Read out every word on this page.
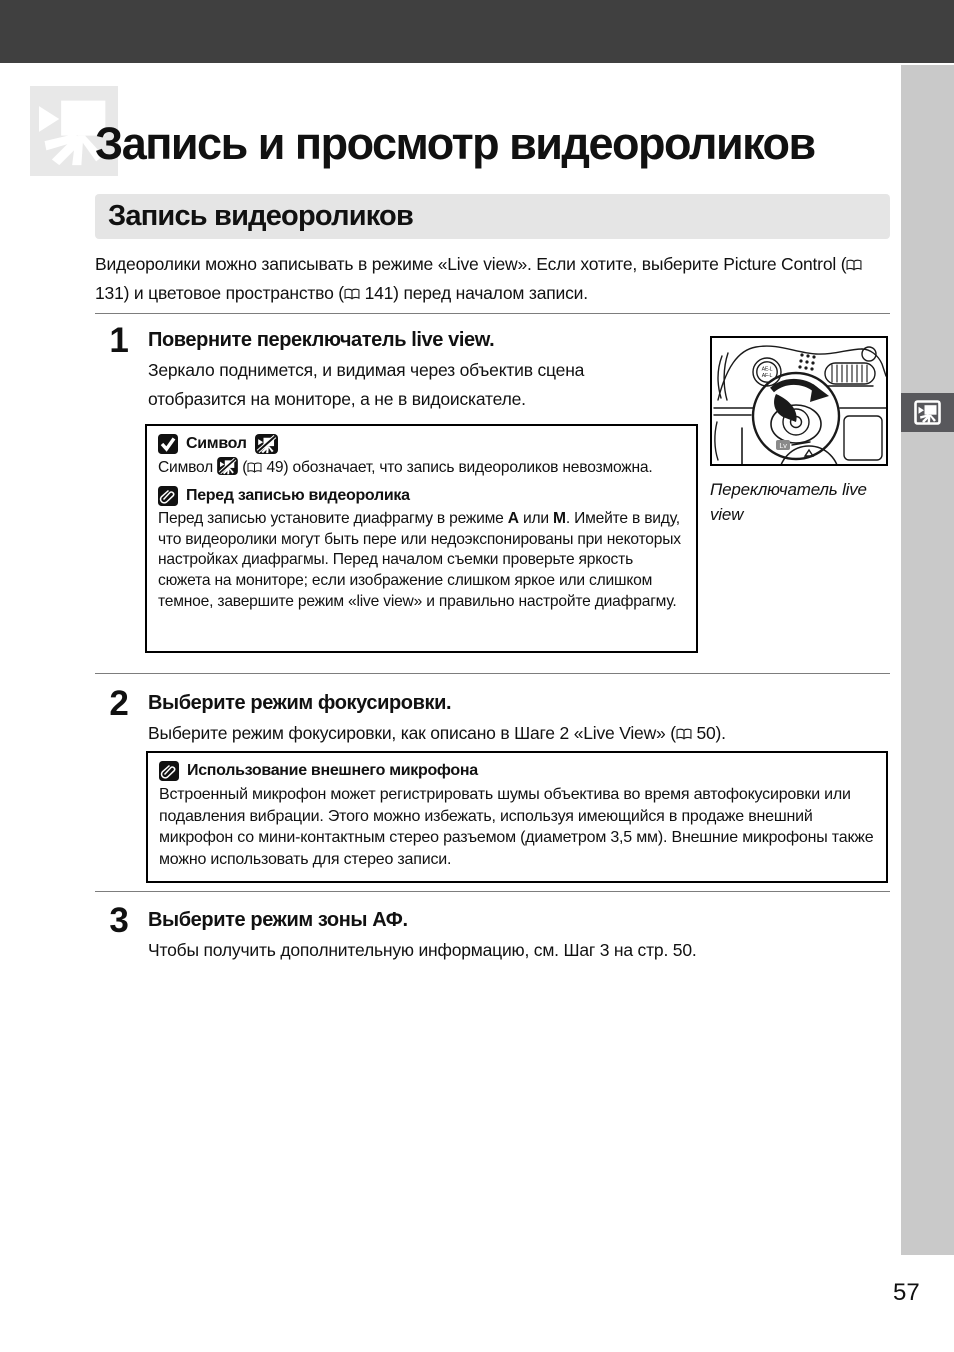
Запись и просмотр видеороликов
Запись видеороликов

Видеоролики можно записывать в режиме «Live view». Если хотите, выберите Picture Control ( 131) и цветовое пространство ( 141) перед началом записи.

1 Поверните переключатель live view.

Зеркало поднимется, и видимая через объектив сцена отобразится на мониторе, а не в видоискателе.

Символ

Символ  ( 49) обозначает, что запись видеороликов невозможна.

Перед записью видеоролика

Перед записью установите диафрагму в режиме A или M. Имейте в виду, что видеоролики могут быть пере или недоэкспонированы при некоторых настройках диафрагмы. Перед началом съемки проверьте яркость сюжета на мониторе; если изображение слишком яркое или слишком темное, завершите режим «live view» и правильно настройте диафрагму.

AE-L
AF-L
Lv
Переключатель live view
2 Выберите режим фокусировки.

Выберите режим фокусировки, как описано в Шаге 2 «Live View» ( 50).

Использование внешнего микрофона

Встроенный микрофон может регистрировать шумы объектива во время автофокусировки или подавления вибрации. Этого можно избежать, используя имеющийся в продаже внешний микрофон со мини-контактным стерео разъемом (диаметром 3,5 мм). Внешние микрофоны также можно использовать для стерео записи.

3 Выберите режим зоны АФ.

Чтобы получить дополнительную информацию, см. Шаг 3 на стр. 50.

57
